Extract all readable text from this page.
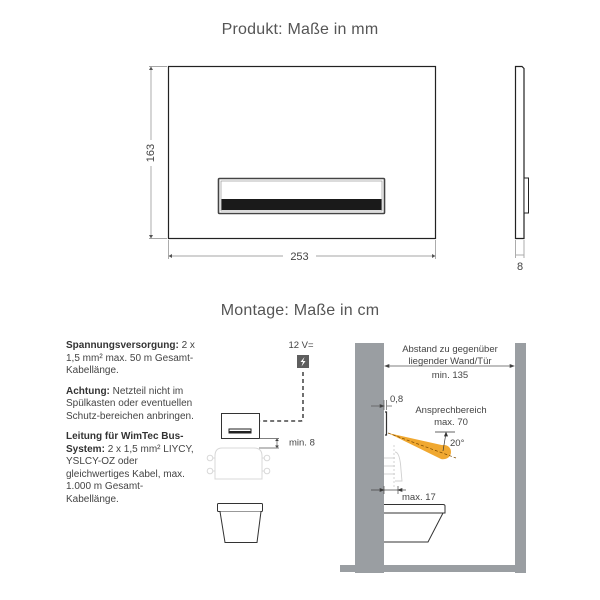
Produkt: Maße in mm
Montage: Maße in cm
163
253
8
12 V=
min. 8
Abstand zu gegenüber
liegender Wand/Tür
min. 135
0,8
Ansprechbereich
max. 70
20°
max. 17

Spannungsversorgung: 2 x 1,5 mm² max. 50 m Gesamt-Kabellänge.

Achtung: Netzteil nicht im Spülkasten oder eventuellen Schutz-bereichen anbringen.

Leitung für WimTec Bus-System: 2 x 1,5 mm² LIYCY, YSLCY-OZ oder gleichwertiges Kabel, max. 1.000 m Gesamt-Kabellänge.
